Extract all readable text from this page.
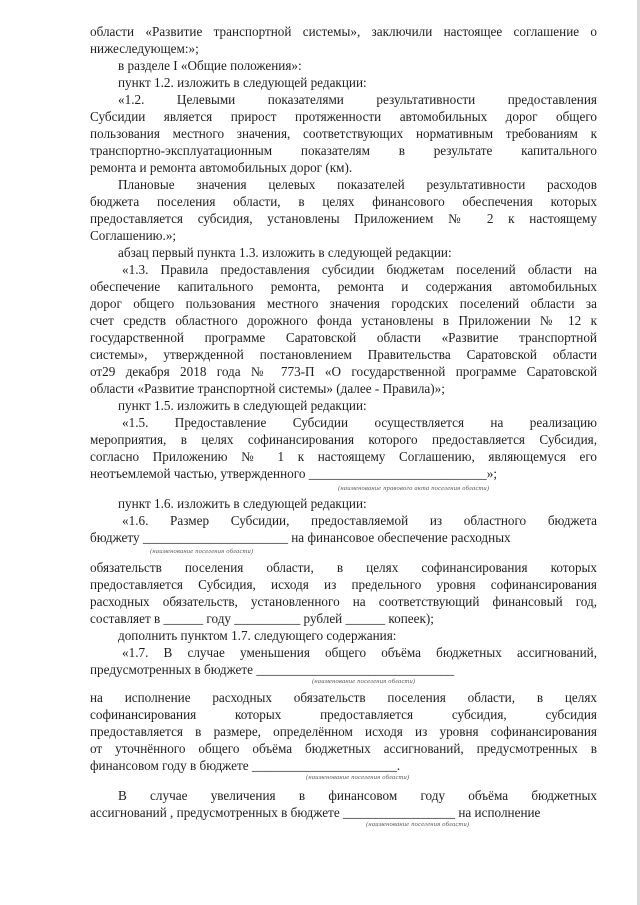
области «Развитие транспортной системы», заключили настоящее соглашение о
нижеследующем:»;
в разделе I «Общие положения»:
пункт 1.2. изложить в следующей редакции:
«1.2. Целевыми показателями результативности предоставления
Субсидии является прирост протяженности автомобильных дорог общего
пользования местного значения, соответствующих нормативным требованиям к
транспортно-эксплуатационным показателям в результате капитального
ремонта и ремонта автомобильных дорог (км).
Плановые значения целевых показателей результативности расходов
бюджета поселения области, в целях финансового обеспечения которых
предоставляется субсидия, установлены Приложением № 2 к настоящему
Соглашению.»;
абзац первый пункта 1.3. изложить в следующей редакции:
«1.3. Правила предоставления субсидии бюджетам поселений области на
обеспечение капитального ремонта, ремонта и содержания автомобильных
дорог общего пользования местного значения городских поселений области за
счет средств областного дорожного фонда установлены в Приложении № 12 к
государственной программе Саратовской области «Развитие транспортной
системы», утвержденной постановлением Правительства Саратовской области
от29 декабря 2018 года № 773-П «О государственной программе Саратовской
области «Развитие транспортной системы» (далее - Правила)»;
пункт 1.5. изложить в следующей редакции:
«1.5. Предоставление Субсидии осуществляется на реализацию
мероприятия, в целях софинансирования которого предоставляется Субсидия,
согласно Приложению № 1 к настоящему Соглашению, являющемуся его
неотъемлемой частью, утвержденного ___________________________»;
(наименование правового акта поселения области)
пункт 1.6. изложить в следующей редакции:
«1.6. Размер Субсидии, предоставляемой из областного бюджета
бюджету ______________________ на финансовое обеспечение расходных
(наименование поселения области)
обязательств поселения области, в целях софинансирования которых
предоставляется Субсидия, исходя из предельного уровня софинансирования
расходных обязательств, установленного на соответствующий финансовый год,
составляет в ______ году __________ рублей ______ копеек);
дополнить пунктом 1.7. следующего содержания:
«1.7. В случае уменьшения общего объёма бюджетных ассигнований,
предусмотренных в бюджете ______________________________
(наименование поселения области)
на исполнение расходных обязательств поселения области, в целях
софинансирования которых предоставляется субсидия, субсидия
предоставляется в размере, определённом исходя из уровня софинансирования
от уточнённого общего объёма бюджетных ассигнований, предусмотренных в
финансовом году в бюджете ______________________.
(наименование поселения области)
В случае увеличения в финансовом году объёма бюджетных
ассигнований , предусмотренных в бюджете _________________ на исполнение
(наименование поселения области)
